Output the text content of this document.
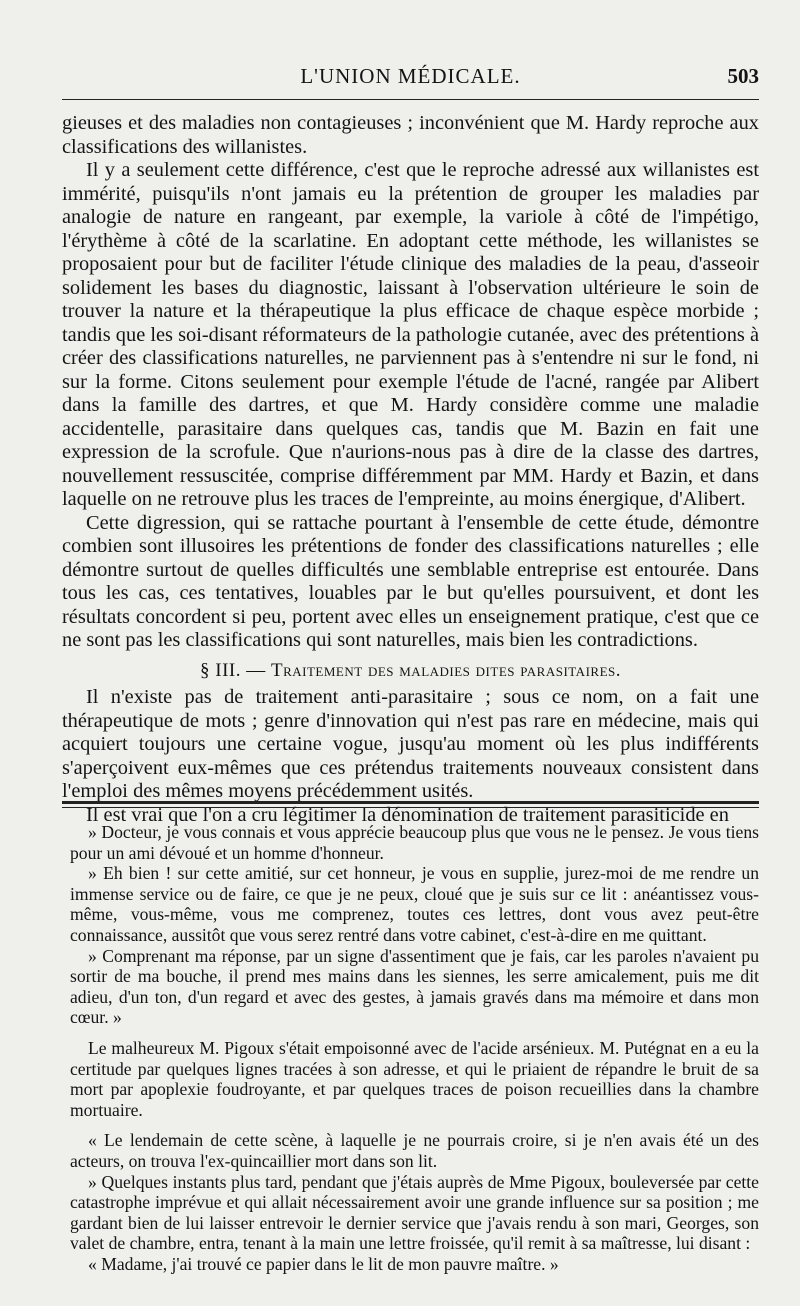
L'UNION MÉDICALE.	503

gieuses et des maladies non contagieuses ; inconvénient que M. Hardy reproche aux classifications des willanistes.

Il y a seulement cette différence, c'est que le reproche adressé aux willanistes est immérité, puisqu'ils n'ont jamais eu la prétention de grouper les maladies par analogie de nature en rangeant, par exemple, la variole à côté de l'impétigo, l'érythème à côté de la scarlatine. En adoptant cette méthode, les willanistes se proposaient pour but de faciliter l'étude clinique des maladies de la peau, d'asseoir solidement les bases du diagnostic, laissant à l'observation ultérieure le soin de trouver la nature et la thérapeutique la plus efficace de chaque espèce morbide ; tandis que les soi-disant réformateurs de la pathologie cutanée, avec des prétentions à créer des classifications naturelles, ne parviennent pas à s'entendre ni sur le fond, ni sur la forme. Citons seulement pour exemple l'étude de l'acné, rangée par Alibert dans la famille des dartres, et que M. Hardy considère comme une maladie accidentelle, parasitaire dans quelques cas, tandis que M. Bazin en fait une expression de la scrofule. Que n'aurions-nous pas à dire de la classe des dartres, nouvellement ressuscitée, comprise différemment par MM. Hardy et Bazin, et dans laquelle on ne retrouve plus les traces de l'empreinte, au moins énergique, d'Alibert.

Cette digression, qui se rattache pourtant à l'ensemble de cette étude, démontre combien sont illusoires les prétentions de fonder des classifications naturelles ; elle démontre surtout de quelles difficultés une semblable entreprise est entourée. Dans tous les cas, ces tentatives, louables par le but qu'elles poursuivent, et dont les résultats concordent si peu, portent avec elles un enseignement pratique, c'est que ce ne sont pas les classifications qui sont naturelles, mais bien les contradictions.

§ III. — Traitement des maladies dites parasitaires.

Il n'existe pas de traitement anti-parasitaire ; sous ce nom, on a fait une thérapeutique de mots ; genre d'innovation qui n'est pas rare en médecine, mais qui acquiert toujours une certaine vogue, jusqu'au moment où les plus indifférents s'aperçoivent eux-mêmes que ces prétendus traitements nouveaux consistent dans l'emploi des mêmes moyens précédemment usités.

Il est vrai que l'on a cru légitimer la dénomination de traitement parasiticide en

» Docteur, je vous connais et vous apprécie beaucoup plus que vous ne le pensez. Je vous tiens pour un ami dévoué et un homme d'honneur.

» Eh bien ! sur cette amitié, sur cet honneur, je vous en supplie, jurez-moi de me rendre un immense service ou de faire, ce que je ne peux, cloué que je suis sur ce lit : anéantissez vous-même, vous-même, vous me comprenez, toutes ces lettres, dont vous avez peut-être connaissance, aussitôt que vous serez rentré dans votre cabinet, c'est-à-dire en me quittant.

» Comprenant ma réponse, par un signe d'assentiment que je fais, car les paroles n'avaient pu sortir de ma bouche, il prend mes mains dans les siennes, les serre amicalement, puis me dit adieu, d'un ton, d'un regard et avec des gestes, à jamais gravés dans ma mémoire et dans mon cœur. »

Le malheureux M. Pigoux s'était empoisonné avec de l'acide arsénieux. M. Putégnat en a eu la certitude par quelques lignes tracées à son adresse, et qui le priaient de répandre le bruit de sa mort par apoplexie foudroyante, et par quelques traces de poison recueillies dans la chambre mortuaire.

« Le lendemain de cette scène, à laquelle je ne pourrais croire, si je n'en avais été un des acteurs, on trouva l'ex-quincaillier mort dans son lit.

» Quelques instants plus tard, pendant que j'étais auprès de Mme Pigoux, bouleversée par cette catastrophe imprévue et qui allait nécessairement avoir une grande influence sur sa position ; me gardant bien de lui laisser entrevoir le dernier service que j'avais rendu à son mari, Georges, son valet de chambre, entra, tenant à la main une lettre froissée, qu'il remit à sa maîtresse, lui disant :

« Madame, j'ai trouvé ce papier dans le lit de mon pauvre maître. »
